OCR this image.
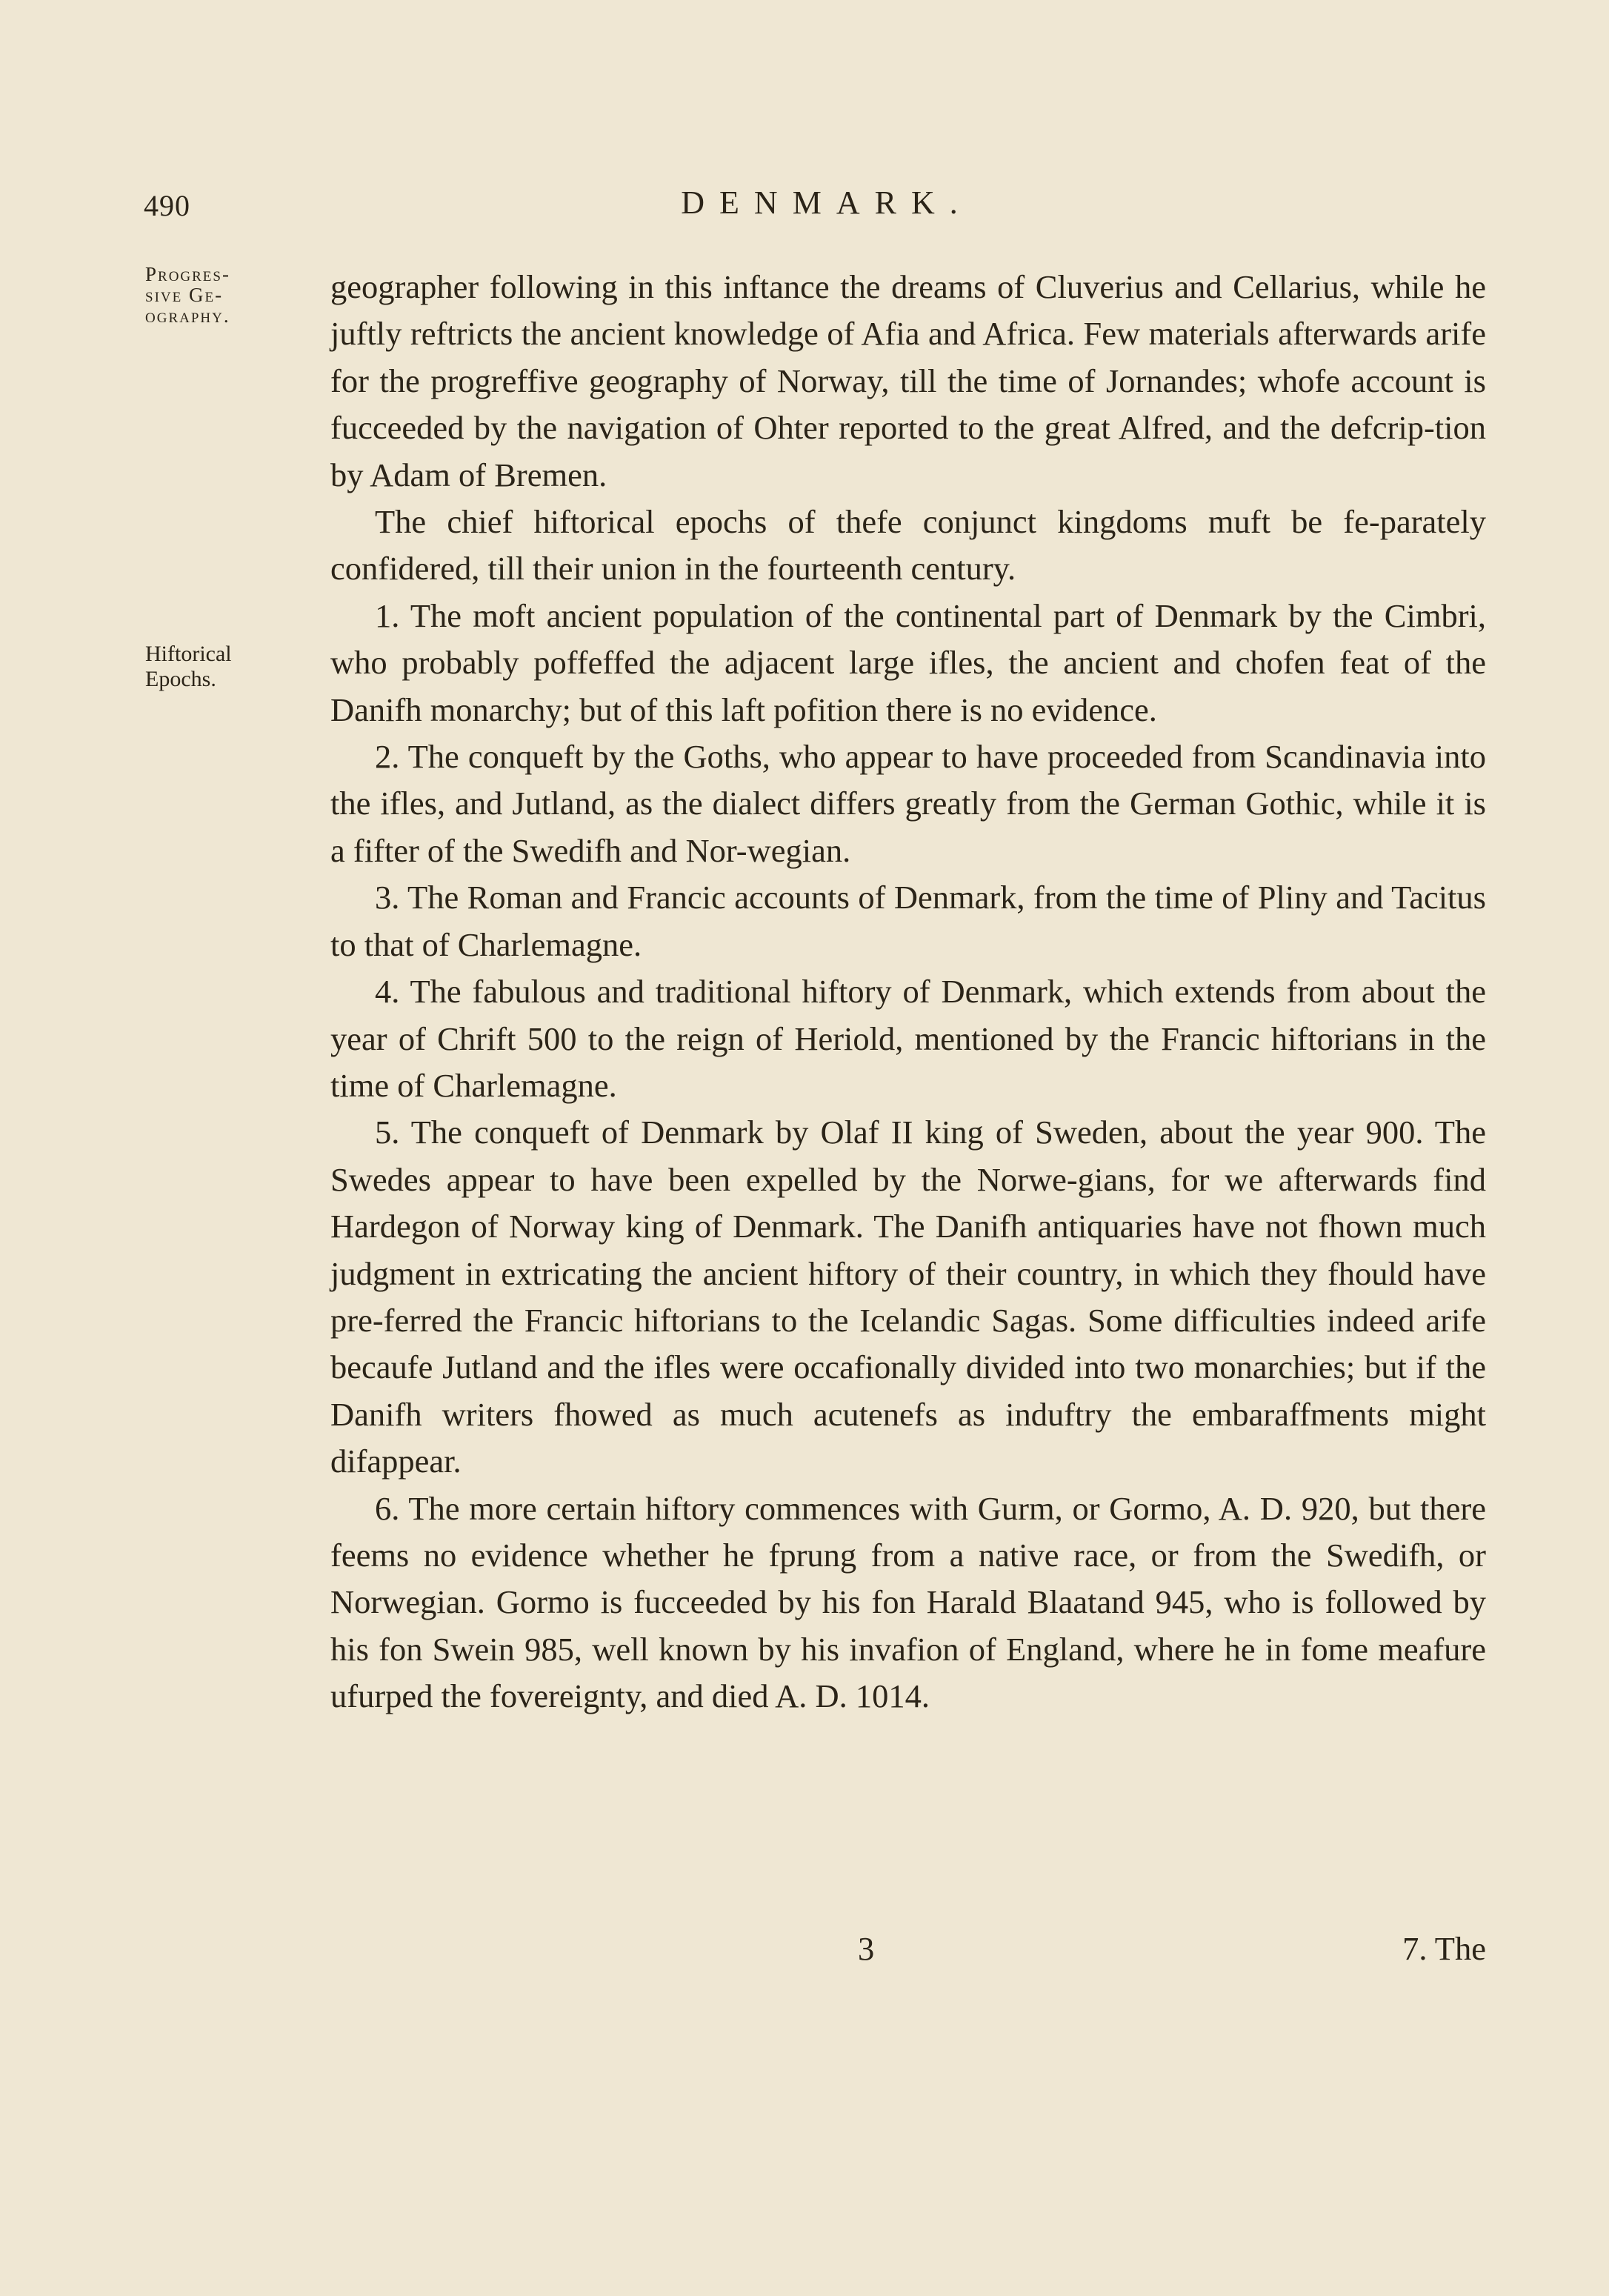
490	DENMARK.
Progres-
sive Ge-
ography.
Hiftorical
Epochs.

geographer following in this inftance the dreams of Cluverius and Cellarius, while he juftly reftricts the ancient knowledge of Afia and Africa. Few materials afterwards arife for the progreffive geography of Norway, till the time of Jornandes; whofe account is fucceeded by the navigation of Ohter reported to the great Alfred, and the defcrip-tion by Adam of Bremen.

The chief hiftorical epochs of thefe conjunct kingdoms muft be fe-parately confidered, till their union in the fourteenth century.

1. The moft ancient population of the continental part of Denmark by the Cimbri, who probably poffeffed the adjacent large ifles, the ancient and chofen feat of the Danifh monarchy; but of this laft pofition there is no evidence.

2. The conqueft by the Goths, who appear to have proceeded from Scandinavia into the ifles, and Jutland, as the dialect differs greatly from the German Gothic, while it is a fifter of the Swedifh and Nor-wegian.

3. The Roman and Francic accounts of Denmark, from the time of Pliny and Tacitus to that of Charlemagne.

4. The fabulous and traditional hiftory of Denmark, which extends from about the year of Chrift 500 to the reign of Heriold, mentioned by the Francic hiftorians in the time of Charlemagne.

5. The conqueft of Denmark by Olaf II king of Sweden, about the year 900. The Swedes appear to have been expelled by the Norwe-gians, for we afterwards find Hardegon of Norway king of Denmark. The Danifh antiquaries have not fhown much judgment in extricating the ancient hiftory of their country, in which they fhould have pre-ferred the Francic hiftorians to the Icelandic Sagas. Some difficulties indeed arife becaufe Jutland and the ifles were occafionally divided into two monarchies; but if the Danifh writers fhowed as much acutenefs as induftry the embaraffments might difappear.

6. The more certain hiftory commences with Gurm, or Gormo, A. D. 920, but there feems no evidence whether he fprung from a native race, or from the Swedifh, or Norwegian. Gormo is fucceeded by his fon Harald Blaatand 945, who is followed by his fon Swein 985, well known by his invafion of England, where he in fome meafure ufurped the fovereignty, and died A. D. 1014.

3	7. The
